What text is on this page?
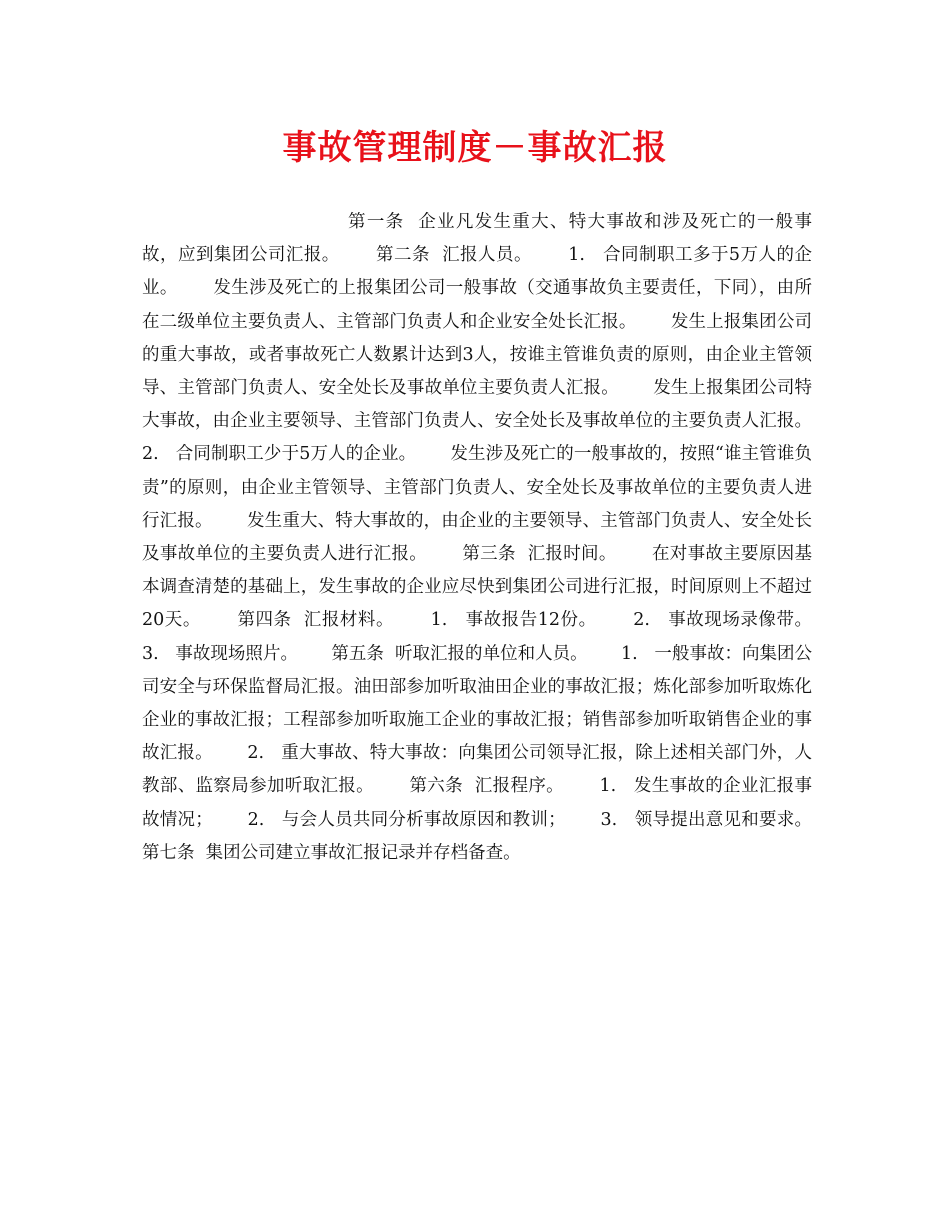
事故管理制度－事故汇报
第一条  企业凡发生重大、特大事故和涉及死亡的一般事故，应到集团公司汇报。      第二条  汇报人员。      1.   合同制职工多于5万人的企业。      发生涉及死亡的上报集团公司一般事故（交通事故负主要责任，下同），由所在二级单位主要负责人、主管部门负责人和企业安全处长汇报。      发生上报集团公司的重大事故，或者事故死亡人数累计达到3人，按谁主管谁负责的原则，由企业主管领导、主管部门负责人、安全处长及事故单位主要负责人汇报。      发生上报集团公司特大事故，由企业主要领导、主管部门负责人、安全处长及事故单位的主要负责人汇报。      2.   合同制职工少于5万人的企业。      发生涉及死亡的一般事故的，按照“谁主管谁负责”的原则，由企业主管领导、主管部门负责人、安全处长及事故单位的主要负责人进行汇报。      发生重大、特大事故的，由企业的主要领导、主管部门负责人、安全处长及事故单位的主要负责人进行汇报。      第三条  汇报时间。      在对事故主要原因基本调查清楚的基础上，发生事故的企业应尽快到集团公司进行汇报，时间原则上不超过20天。      第四条  汇报材料。      1.   事故报告12份。      2.   事故现场录像带。      3.   事故现场照片。      第五条  听取汇报的单位和人员。      1.   一般事故：向集团公司安全与环保监督局汇报。油田部参加听取油田企业的事故汇报；炼化部参加听取炼化企业的事故汇报；工程部参加听取施工企业的事故汇报；销售部参加听取销售企业的事故汇报。      2.   重大事故、特大事故：向集团公司领导汇报，除上述相关部门外，人教部、监察局参加听取汇报。      第六条  汇报程序。      1.   发生事故的企业汇报事故情况；      2.   与会人员共同分析事故原因和教训；      3.   领导提出意见和要求。      第七条  集团公司建立事故汇报记录并存档备查。
